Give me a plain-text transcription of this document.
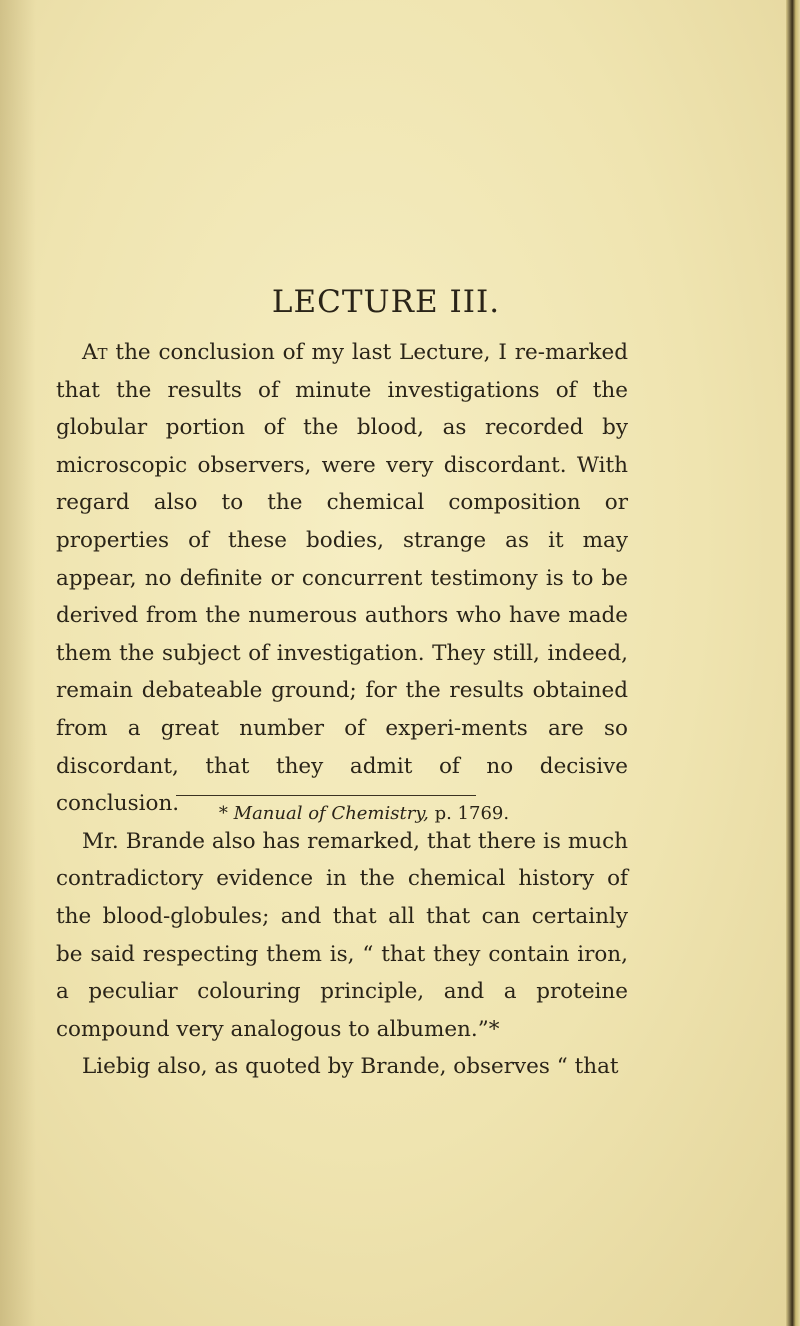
LECTURE III.

At the conclusion of my last Lecture, I re-marked that the results of minute investigations of the globular portion of the blood, as recorded by microscopic observers, were very discordant. With regard also to the chemical composition or properties of these bodies, strange as it may appear, no definite or concurrent testimony is to be derived from the numerous authors who have made them the subject of investigation. They still, indeed, remain debateable ground; for the results obtained from a great number of experi-ments are so discordant, that they admit of no decisive conclusion.

Mr. Brande also has remarked, that there is much contradictory evidence in the chemical history of the blood-globules; and that all that can certainly be said respecting them is, “ that they contain iron, a peculiar colouring principle, and a proteine compound very analogous to albumen.”*

Liebig also, as quoted by Brande, observes “ that

* Manual of Chemistry, p. 1769.
